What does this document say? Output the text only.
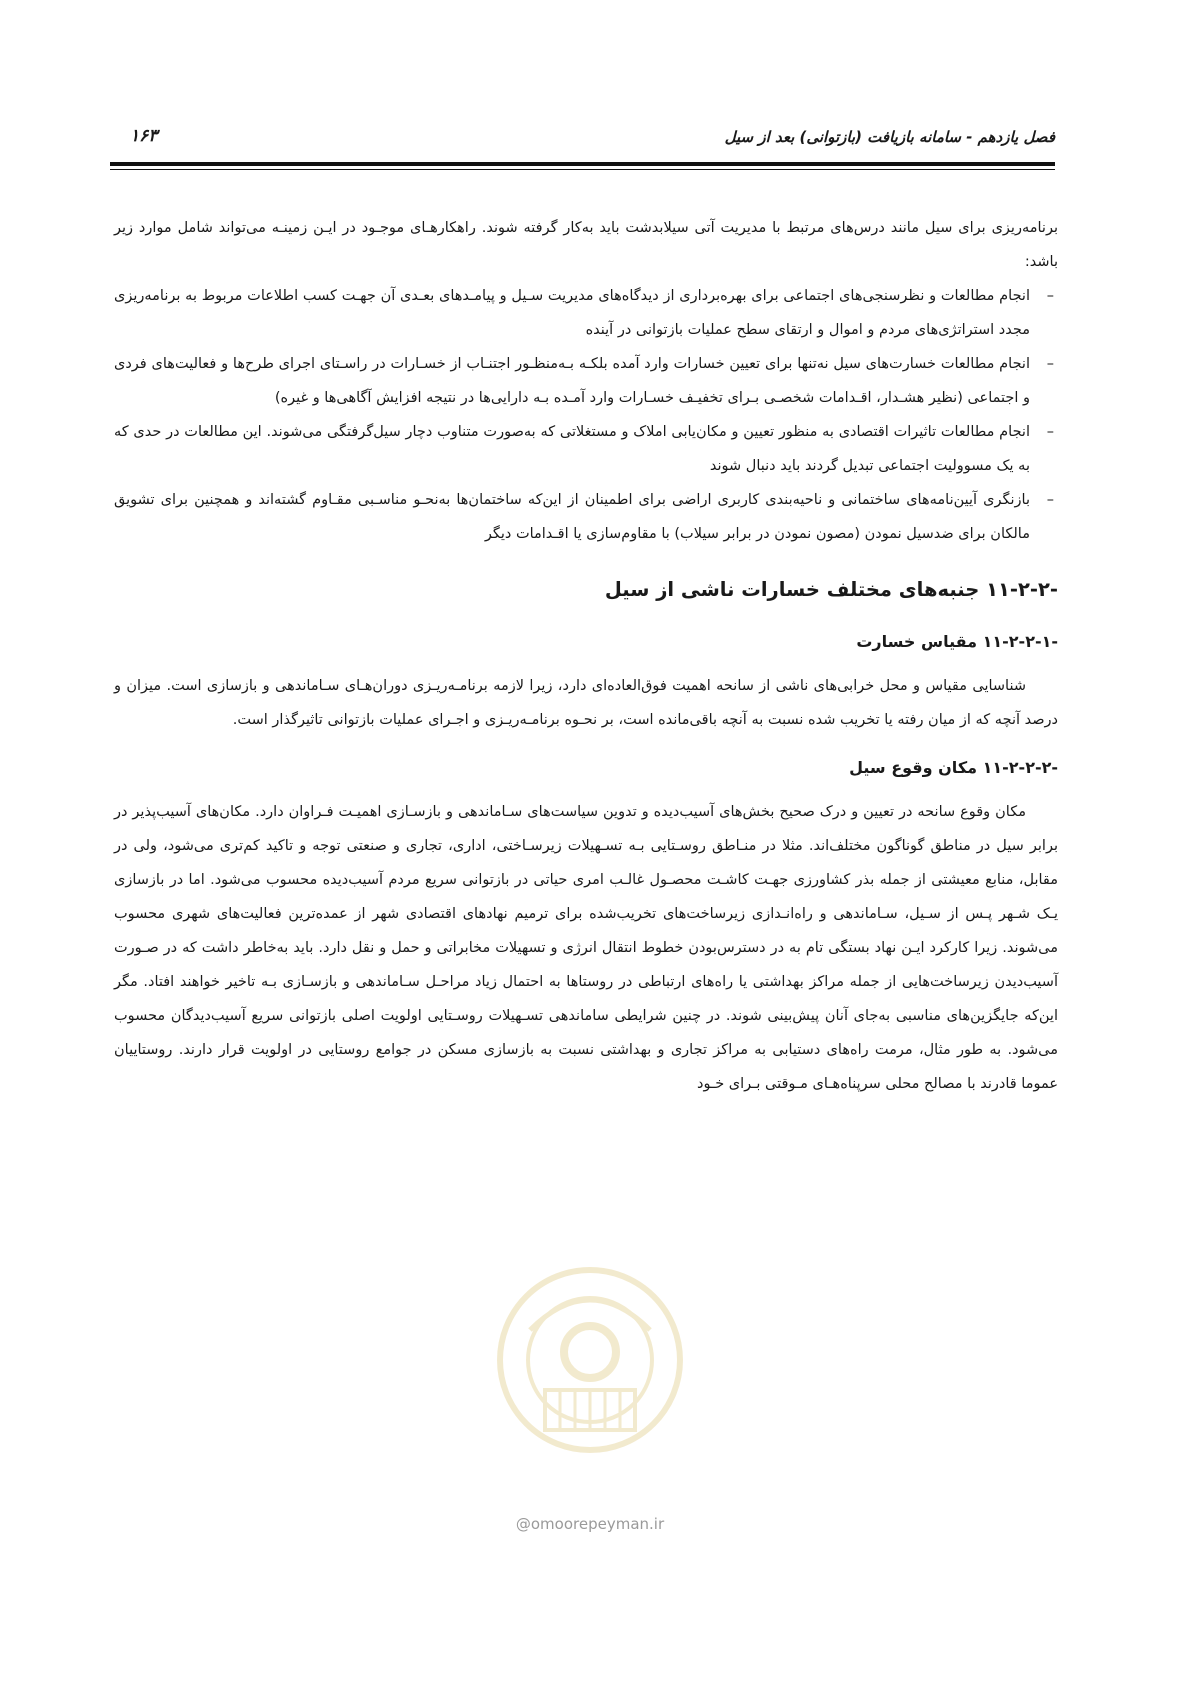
فصل یازدهم - سامانه بازیافت (بازتوانی) بعد از سیل
۱۶۳

برنامه‌ریزی برای سیل مانند درس‌های مرتبط با مدیریت آتی سیلابدشت باید به‌کار گرفته شوند. راهکارهـای موجـود در ایـن زمینـه می‌تواند شامل موارد زیر باشد:

–
انجام مطالعات و نظرسنجی‌های اجتماعی برای بهره‌برداری از دیدگاه‌های مدیریت سـیل و پیامـدهای بعـدی آن جهـت کسب اطلاعات مربوط به برنامه‌ریزی مجدد استراتژی‌های مردم و اموال و ارتقای سطح عملیات بازتوانی در آینده
–
انجام مطالعات خسارت‌های سیل نه‌تنها برای تعیین خسارات وارد آمده بلکـه بـه‌منظـور اجتنـاب از خسـارات در راسـتای اجرای طرح‌ها و فعالیت‌های فردی و اجتماعی (نظیر هشـدار، اقـدامات شخصـی بـرای تخفیـف خسـارات وارد آمـده بـه دارایی‌ها در نتیجه افزایش آگاهی‌ها و غیره)
–
انجام مطالعات تاثیرات اقتصادی به منظور تعیین و مکان‌یابی املاک و مستغلاتی که به‌صورت متناوب دچار سیل‌گرفتگی می‌شوند. این مطالعات در حدی که به یک مسوولیت اجتماعی تبدیل گردند باید دنبال شوند
–
بازنگری آیین‌نامه‌های ساختمانی و ناحیه‌بندی کاربری اراضی برای اطمینان از این‌که ساختمان‌ها به‌نحـو مناسـبی مقـاوم گشته‌اند و همچنین برای تشویق مالکان برای ضدسیل نمودن (مصون نمودن در برابر سیلاب) با مقاوم‌سازی یا اقـدامات دیگر
۱۱-۲-۲- جنبه‌های مختلف خسارات ناشی از سیل
۱۱-۲-۲-۱- مقیاس خسارت

شناسایی مقیاس و محل خرابی‌های ناشی از سانحه اهمیت فوق‌العاده‌ای دارد، زیرا لازمه برنامـه‌ریـزی دوران‌هـای سـاماندهی و بازسازی است. میزان و درصد آنچه که از میان رفته یا تخریب شده نسبت به آنچه باقی‌مانده است، بر نحـوه برنامـه‌ریـزی و اجـرای عملیات بازتوانی تاثیرگذار است.

۱۱-۲-۲-۲- مکان وقوع سیل

مکان وقوع سانحه در تعیین و درک صحیح بخش‌های آسیب‌دیده و تدوین سیاست‌های سـاماندهی و بازسـازی اهمیـت فـراوان دارد. مکان‌های آسیب‌پذیر در برابر سیل در مناطق گوناگون مختلف‌اند. مثلا در منـاطق روسـتایی بـه تسـهیلات زیرسـاختی، اداری، تجاری و صنعتی توجه و تاکید کم‌تری می‌شود، ولی در مقابل، منابع معیشتی از جمله بذر کشاورزی جهـت کاشـت محصـول غالـب امری حیاتی در بازتوانی سریع مردم آسیب‌دیده محسوب می‌شود. اما در بازسازی یـک شـهر پـس از سـیل، سـاماندهی و راه‌انـدازی زیرساخت‌های تخریب‌شده برای ترمیم نهادهای اقتصادی شهر از عمده‌ترین فعالیت‌های شهری محسوب می‌شوند. زیرا کارکرد ایـن نهاد بستگی تام به در دسترس‌بودن خطوط انتقال انرژی و تسهیلات مخابراتی و حمل و نقل دارد. باید به‌خاطر داشت که در صـورت آسیب‌دیدن زیرساخت‌هایی از جمله مراکز بهداشتی یا راه‌های ارتباطی در روستاها به احتمال زیاد مراحـل سـاماندهی و بازسـازی بـه تاخیر خواهند افتاد. مگر این‌که جایگزین‌های مناسبی به‌جای آنان پیش‌بینی شوند. در چنین شرایطی ساماندهی تسـهیلات روسـتایی اولویت اصلی بازتوانی سریع آسیب‌دیدگان محسوب می‌شود. به طور مثال، مرمت راه‌های دستیابی به مراکز تجاری و بهداشتی نسبت به بازسازی مسکن در جوامع روستایی در اولویت قرار دارند. روستاییان عموما قادرند با مصالح محلی سرپناه‌هـای مـوقتی بـرای خـود

@omoorepeyman.ir
